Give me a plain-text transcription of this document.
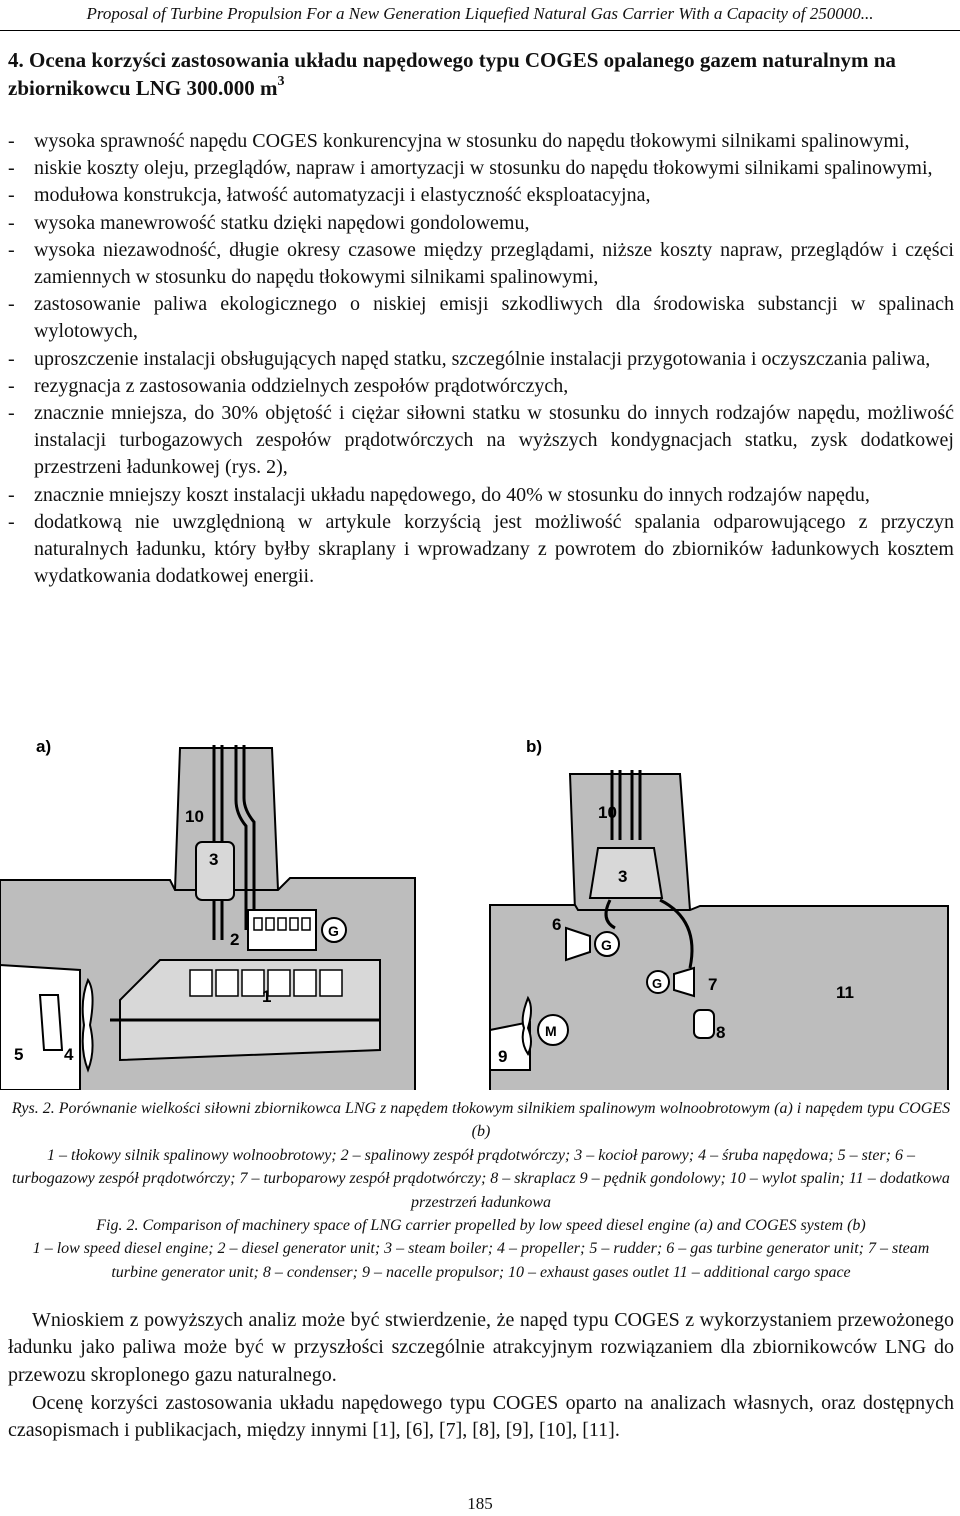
Proposal of Turbine Propulsion For a New Generation Liquefied Natural Gas Carrier With a Capacity of 250000...
4. Ocena korzyści zastosowania układu napędowego typu COGES opalanego gazem naturalnym na zbiornikowcu LNG 300.000 $m^3$
- wysoka sprawność napędu COGES konkurencyjna w stosunku do napędu tłokowymi silnikami spalinowymi,
- niskie koszty oleju, przeglądów, napraw i amortyzacji w stosunku do napędu tłokowymi silnikami spalinowymi,
- modułowa konstrukcja, łatwość automatyzacji i elastyczność eksploatacyjna,
- wysoka manewrowość statku dzięki napędowi gondolowemu,
- wysoka niezawodność, długie okresy czasowe między przeglądami, niższe koszty napraw, przeglądów i części zamiennych w stosunku do napędu tłokowymi silnikami spalinowymi,
- zastosowanie paliwa ekologicznego o niskiej emisji szkodliwych dla środowiska substancji w spalinach wylotowych,
- uproszczenie instalacji obsługujących napęd statku, szczególnie instalacji przygotowania i oczyszczania paliwa,
- rezygnacja z zastosowania oddzielnych zespołów prądotwórczych,
- znacznie mniejsza, do 30% objętość i ciężar siłowni statku w stosunku do innych rodzajów napędu, możliwość instalacji turbogazowych zespołów prądotwórczych na wyższych kondygnacjach statku, zysk dodatkowej przestrzeni ładunkowej (rys. 2),
- znacznie mniejszy koszt instalacji układu napędowego, do 40% w stosunku do innych rodzajów napędu,
- dodatkową nie uwzględnioną w artykule korzyścią jest możliwość spalania odparowującego z przyczyn naturalnych ładunku, który byłby skraplany i wprowadzany z powrotem do zbiorników ładunkowych kosztem wydatkowania dodatkowej energii.
a)
3
10
G
2
1
5 4
b)
10
3
G
6
G	7
8
11
M
9
Rys. 2. Porównanie wielkości siłowni zbiornikowca LNG z napędem tłokowym silnikiem spalinowym wolnoobrotowym (a) i napędem typu COGES (b)
1 – tłokowy silnik spalinowy wolnoobrotowy; 2 – spalinowy zespół prądotwórczy; 3 – kocioł parowy; 4 – śruba napędowa; 5 – ster; 6 – turbogazowy zespół prądotwórczy; 7 – turboparowy zespół prądotwórczy; 8 – skraplacz 9 – pędnik gondolowy; 10 – wylot spalin; 11 – dodatkowa przestrzeń ładunkowa
Fig. 2. Comparison of machinery space of LNG carrier propelled by low speed diesel engine (a) and COGES system (b)
1 – low speed diesel engine; 2 – diesel generator unit; 3 – steam boiler; 4 – propeller; 5 – rudder; 6 – gas turbine generator unit; 7 – steam turbine generator unit; 8 – condenser; 9 – nacelle propulsor; 10 – exhaust gases outlet 11 – additional cargo space
Wnioskiem z powyższych analiz może być stwierdzenie, że napęd typu COGES z wykorzystaniem przewożonego ładunku jako paliwa może być w przyszłości szczególnie atrakcyjnym rozwiązaniem dla zbiornikowców LNG do przewozu skroplonego gazu naturalnego.
Ocenę korzyści zastosowania układu napędowego typu COGES oparto na analizach własnych, oraz dostępnych czasopismach i publikacjach, między innymi [1], [6], [7], [8], [9], [10], [11].
185
